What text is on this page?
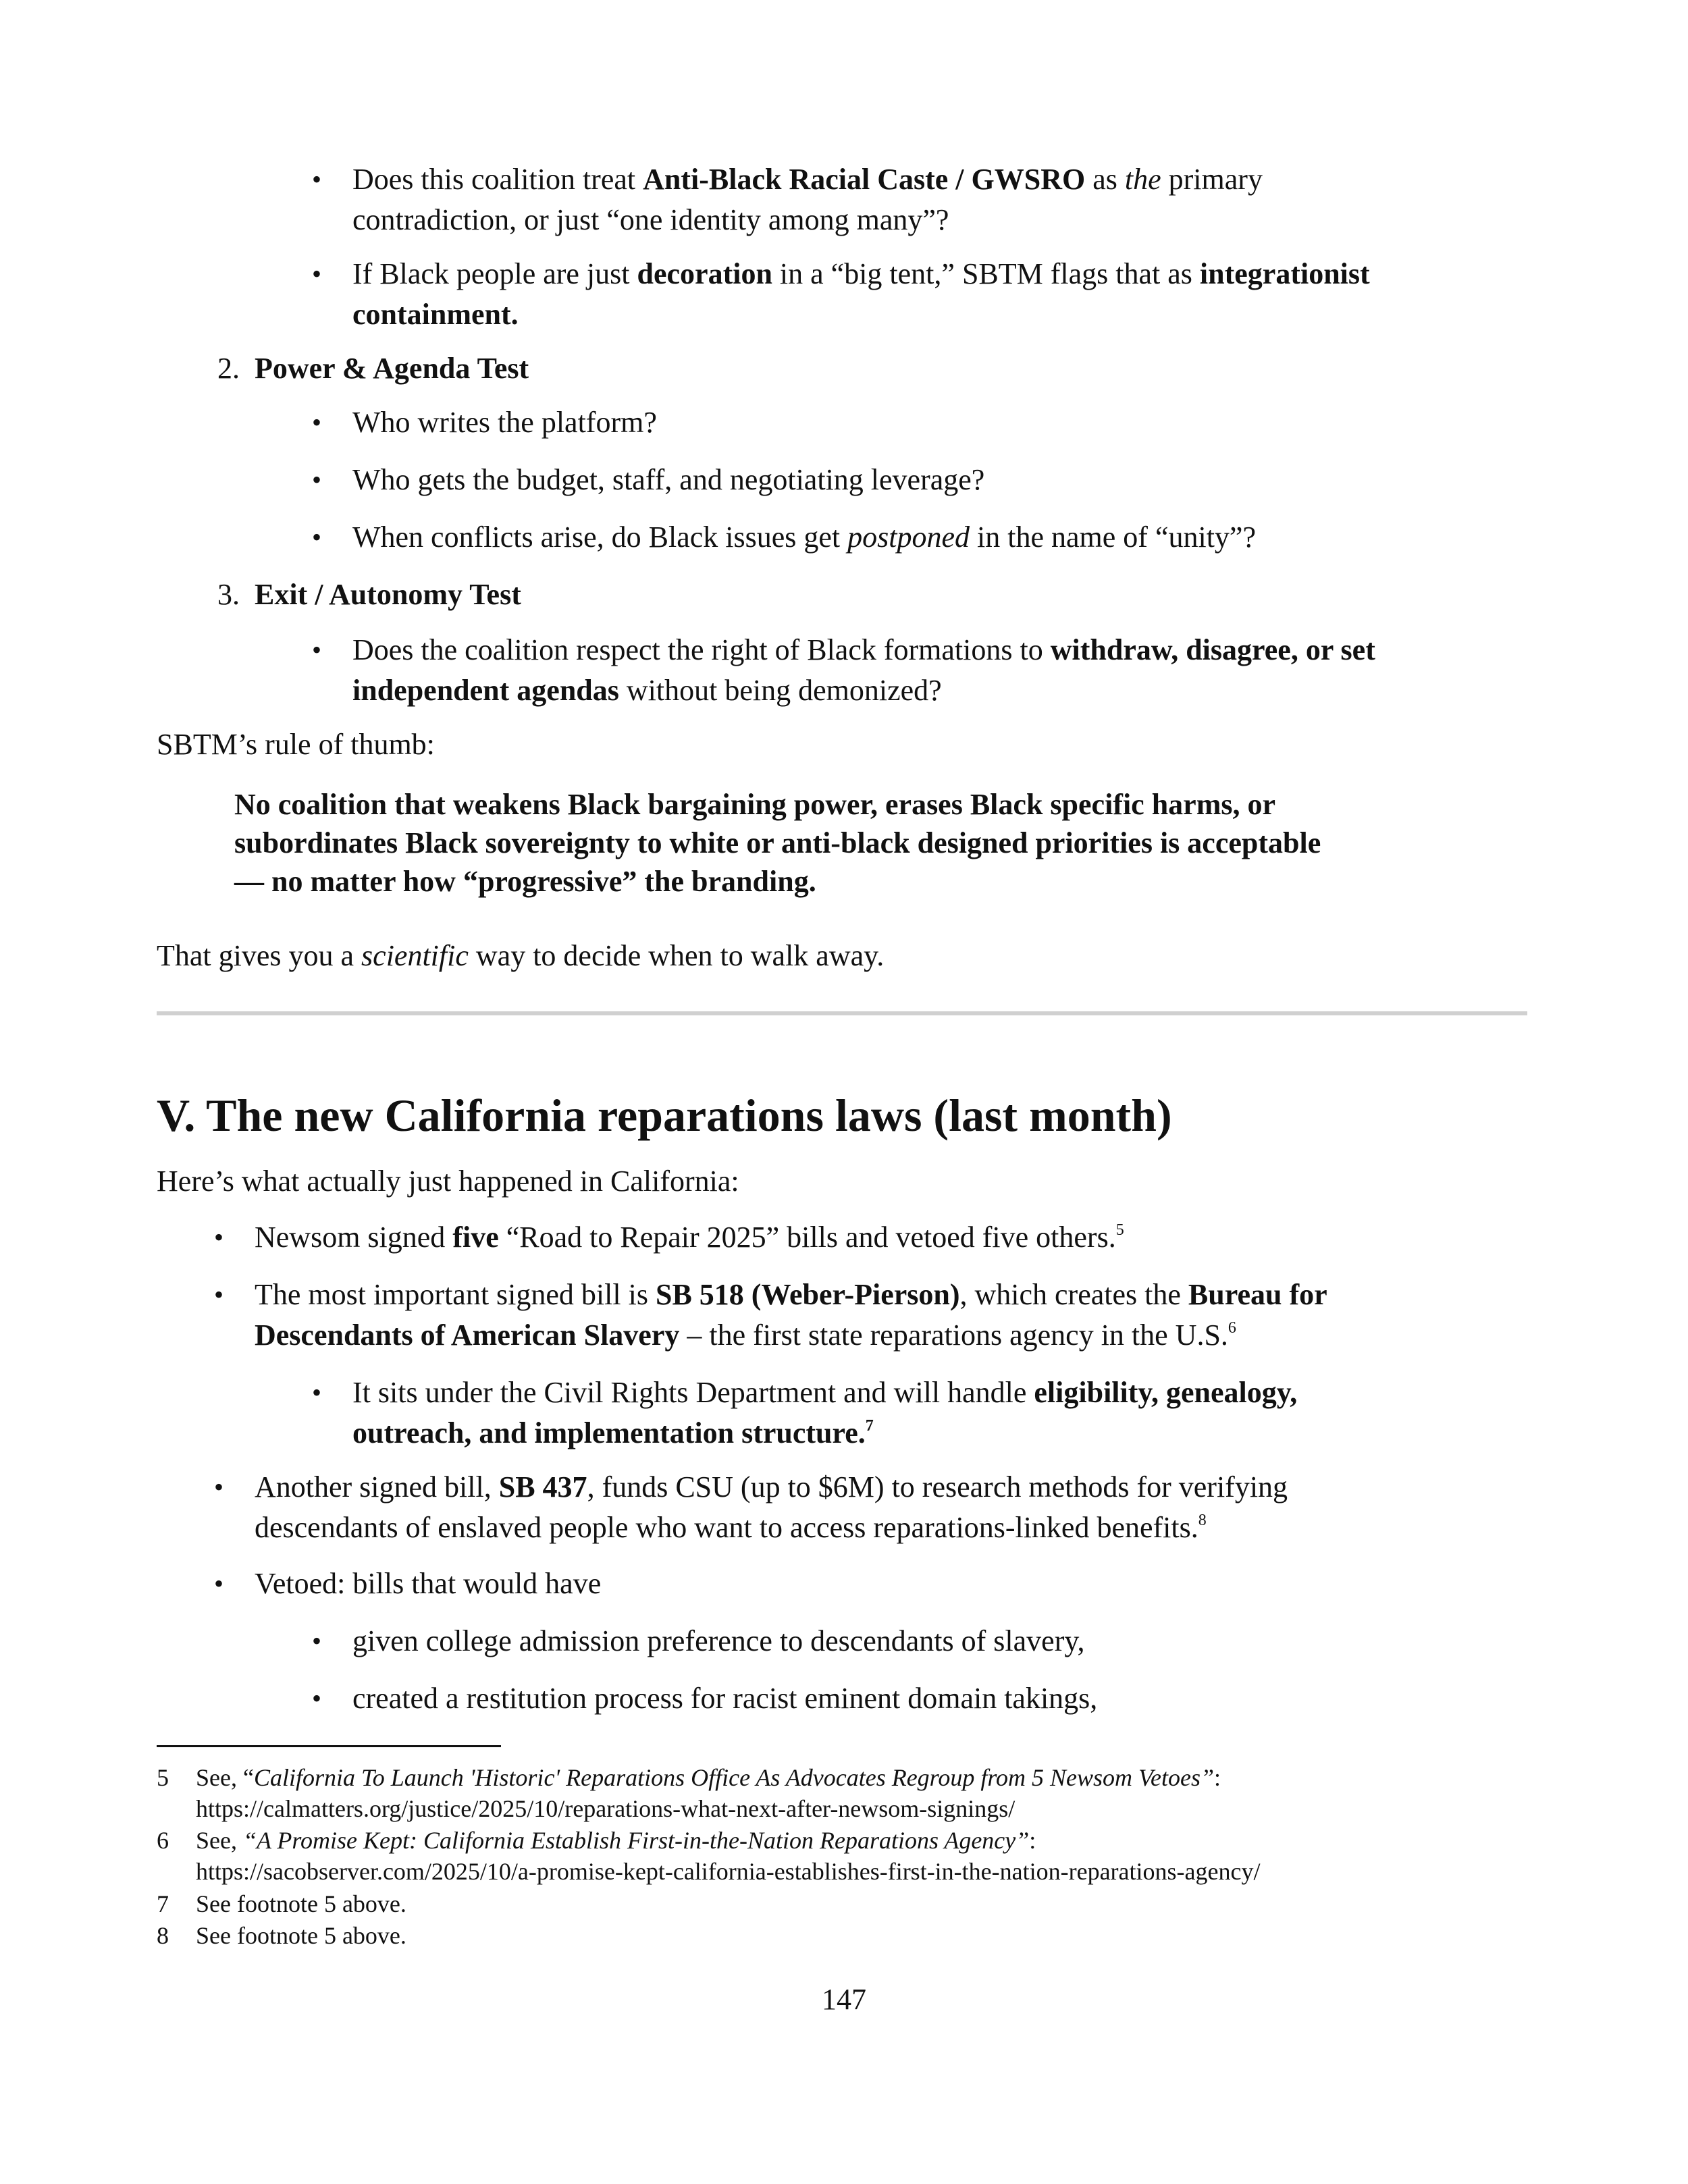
• Does this coalition treat Anti-Black Racial Caste / GWSRO as the primary
contradiction, or just “one identity among many”?
• If Black people are just decoration in a “big tent,” SBTM flags that as integrationist
containment.
2. Power & Agenda Test
• Who writes the platform?
• Who gets the budget, staff, and negotiating leverage?
• When conflicts arise, do Black issues get postponed in the name of “unity”?
3. Exit / Autonomy Test
• Does the coalition respect the right of Black formations to withdraw, disagree, or set
independent agendas without being demonized?
SBTM’s rule of thumb:
No coalition that weakens Black bargaining power, erases Black specific harms, or
subordinates Black sovereignty to white or anti-black designed priorities is acceptable
— no matter how “progressive” the branding.
That gives you a scientific way to decide when to walk away.
V. The new California reparations laws (last month)
Here’s what actually just happened in California:
• Newsom signed five “Road to Repair 2025” bills and vetoed five others.$^5$
• The most important signed bill is SB 518 (Weber-Pierson), which creates the Bureau for
Descendants of American Slavery – the first state reparations agency in the U.S.$^6$
• It sits under the Civil Rights Department and will handle eligibility, genealogy,
outreach, and implementation structure.$^7$
• Another signed bill, SB 437, funds CSU (up to $6M) to research methods for verifying
descendants of enslaved people who want to access reparations-linked benefits.$^8$
• Vetoed: bills that would have
• given college admission preference to descendants of slavery,
• created a restitution process for racist eminent domain takings,
5 See, “California To Launch 'Historic' Reparations Office As Advocates Regroup from 5 Newsom Vetoes”:
https://calmatters.org/justice/2025/10/reparations-what-next-after-newsom-signings/
6 See, “A Promise Kept: California Establish First-in-the-Nation Reparations Agency”:
https://sacobserver.com/2025/10/a-promise-kept-california-establishes-first-in-the-nation-reparations-agency/
7 See footnote 5 above.
8 See footnote 5 above.
147
